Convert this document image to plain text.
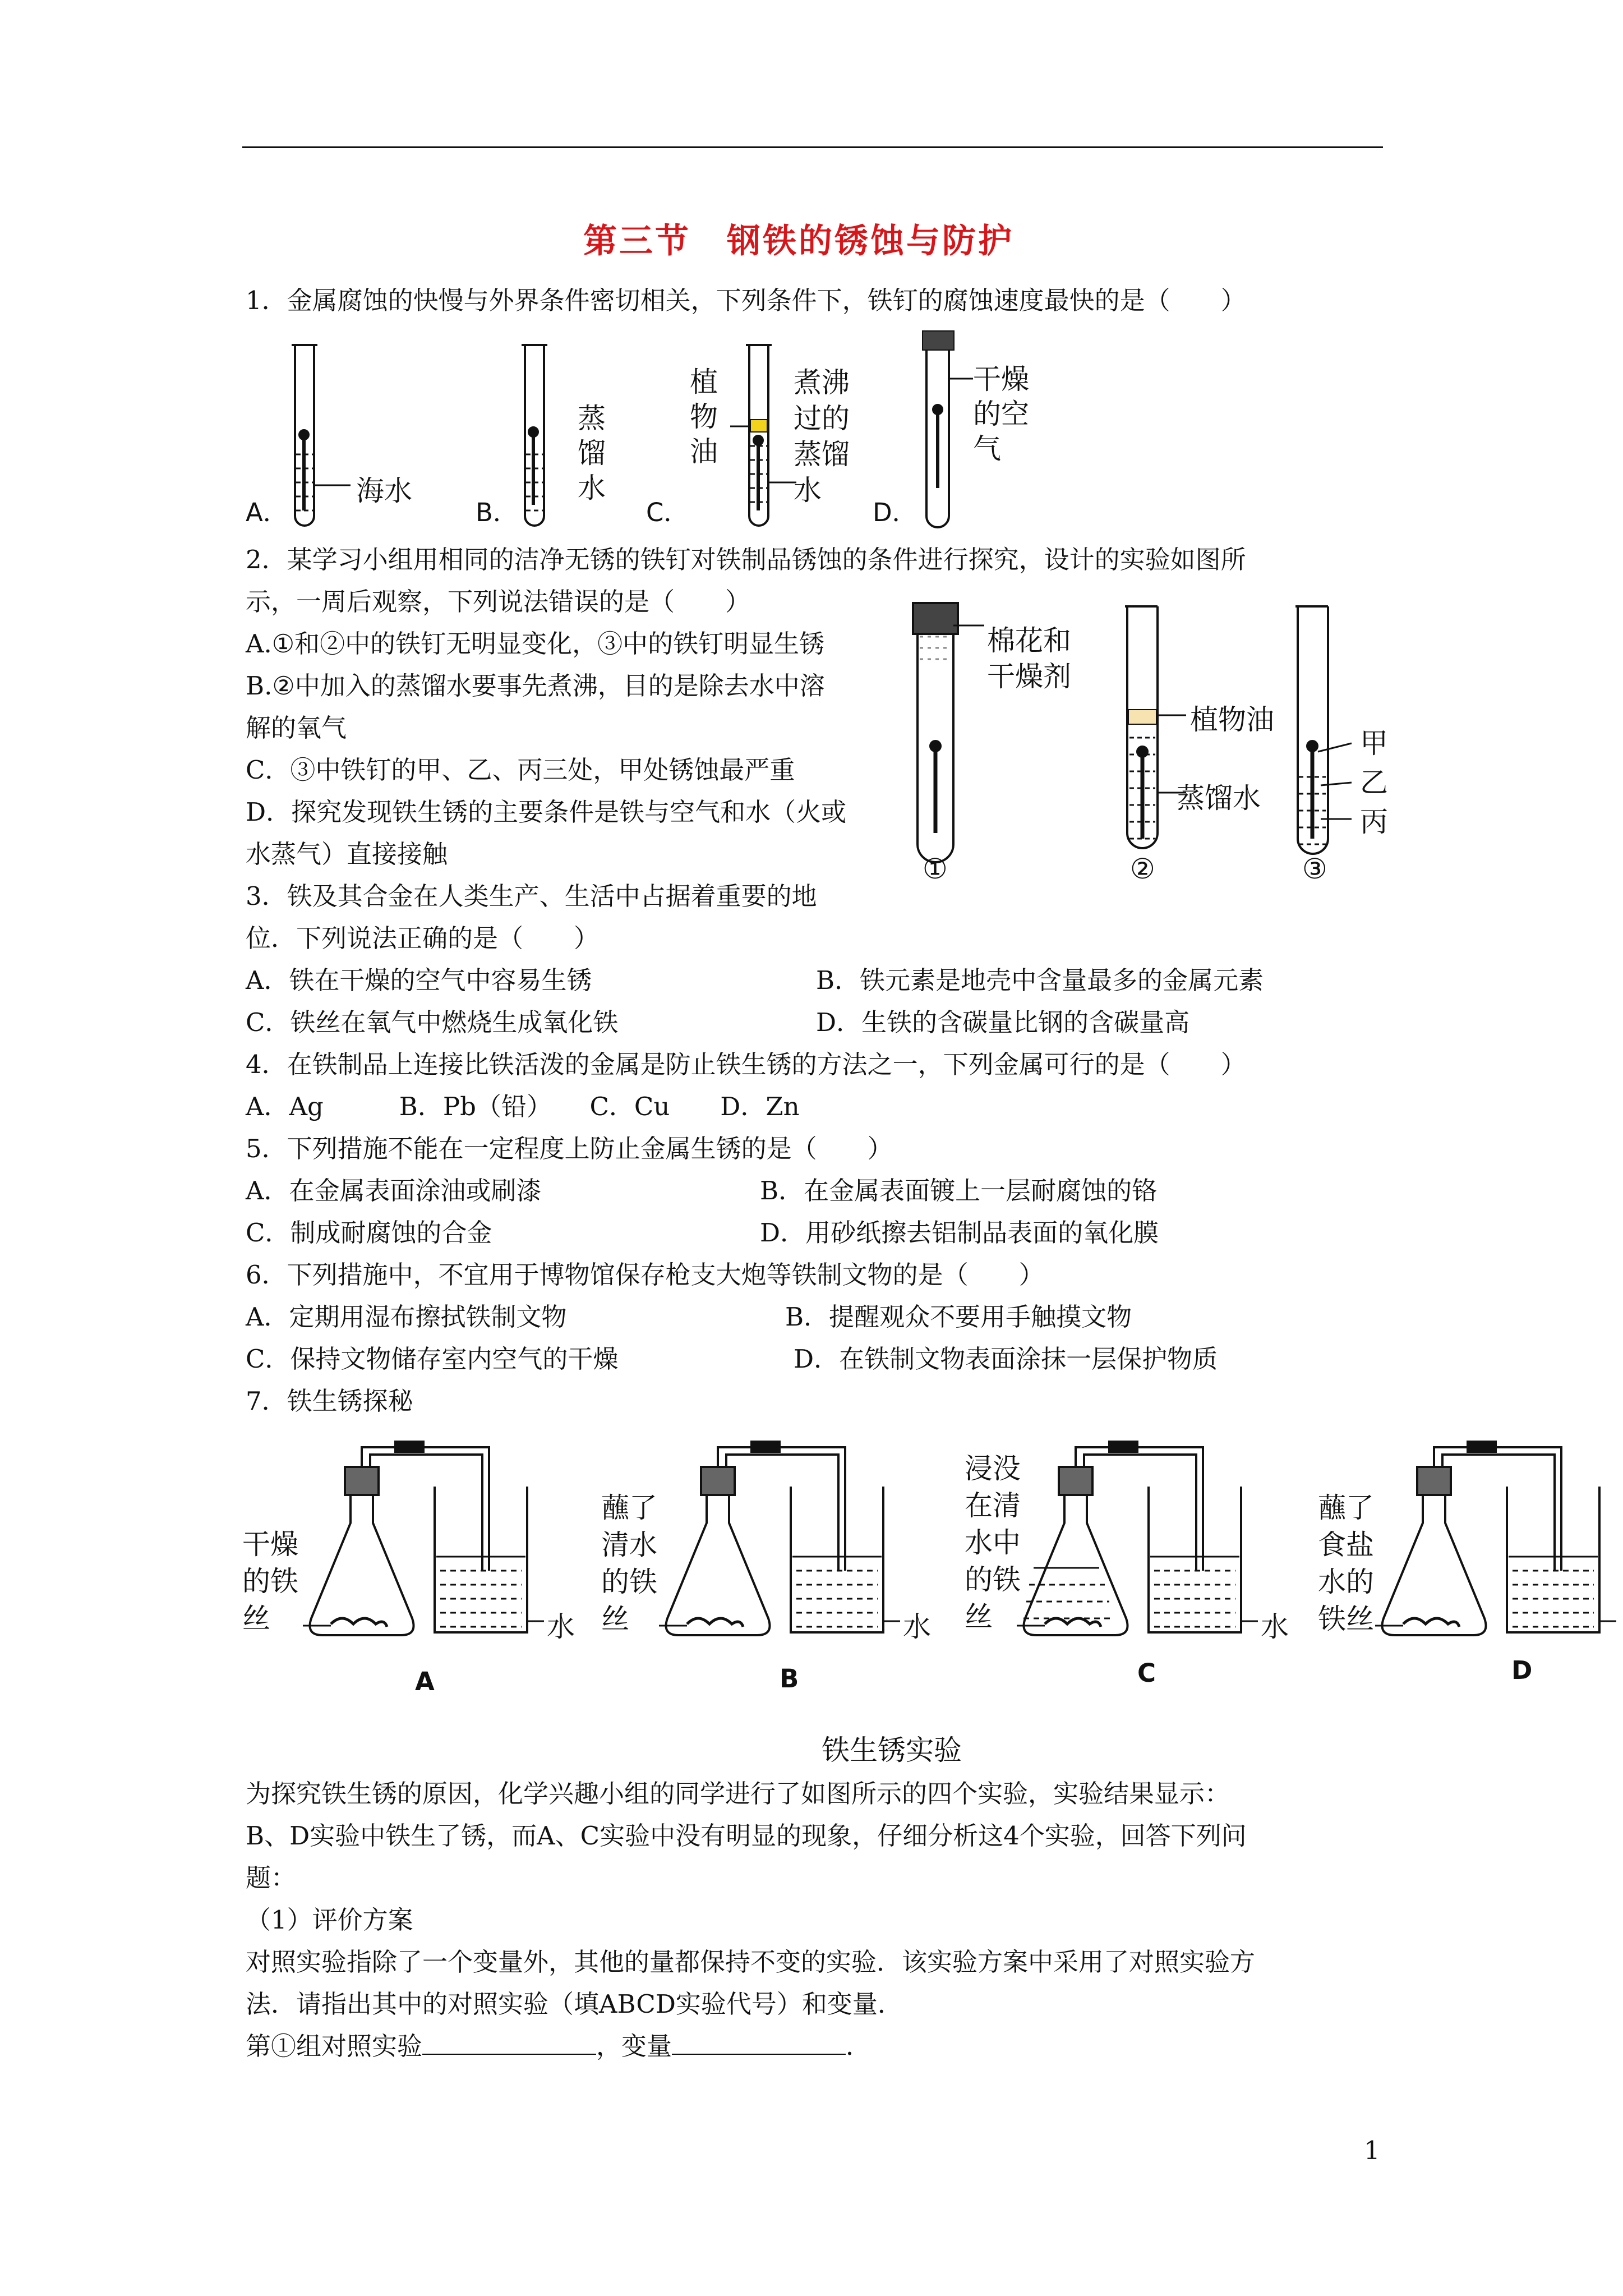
第三节　钢铁的锈蚀与防护
1．金属腐蚀的快慢与外界条件密切相关，下列条件下，铁钉的腐蚀速度最快的是（　　）
A．	B．	C．	D．
海水
蒸馏水
植物油
煮沸过的蒸馏水
干燥的空气
2．某学习小组用相同的洁净无锈的铁钉对铁制品锈蚀的条件进行探究，设计的实验如图所
示，一周后观察，下列说法错误的是（　　）
A.①和②中的铁钉无明显变化，③中的铁钉明显生锈
B.②中加入的蒸馏水要事先煮沸，目的是除去水中溶
解的氧气
C．③中铁钉的甲、乙、丙三处，甲处锈蚀最严重
D．探究发现铁生锈的主要条件是铁与空气和水（火或
水蒸气）直接接触
棉花和干燥剂
植物油
蒸馏水
甲
乙
丙
①	②	③
3．铁及其合金在人类生产、生活中占据着重要的地
位．下列说法正确的是（　　）
A．铁在干燥的空气中容易生锈	B．铁元素是地壳中含量最多的金属元素
C．铁丝在氧气中燃烧生成氧化铁	D．生铁的含碳量比钢的含碳量高
4．在铁制品上连接比铁活泼的金属是防止铁生锈的方法之一，下列金属可行的是（　　）
A．Ag　　　B．Pb（铅）　　C．Cu　　D．Zn
5．下列措施不能在一定程度上防止金属生锈的是（　　）
A．在金属表面涂油或刷漆	B．在金属表面镀上一层耐腐蚀的铬
C．制成耐腐蚀的合金	D．用砂纸擦去铝制品表面的氧化膜
6．下列措施中，不宜用于博物馆保存枪支大炮等铁制文物的是（　　）
A．定期用湿布擦拭铁制文物	B．提醒观众不要用手触摸文物
C．保持文物储存室内空气的干燥	D．在铁制文物表面涂抹一层保护物质
7．铁生锈探秘
干燥的铁丝
蘸了清水的铁丝
浸没在清水中的铁丝
蘸了食盐水的铁丝
水	水	水
A	B	C	D
铁生锈实验
为探究铁生锈的原因，化学兴趣小组的同学进行了如图所示的四个实验，实验结果显示：
B、D实验中铁生了锈，而A、C实验中没有明显的现象，仔细分析这4个实验，回答下列问
题：
（1）评价方案
对照实验指除了一个变量外，其他的量都保持不变的实验．该实验方案中采用了对照实验方
法．请指出其中的对照实验（填ABCD实验代号）和变量．
第①组对照实验	，变量	．
1
